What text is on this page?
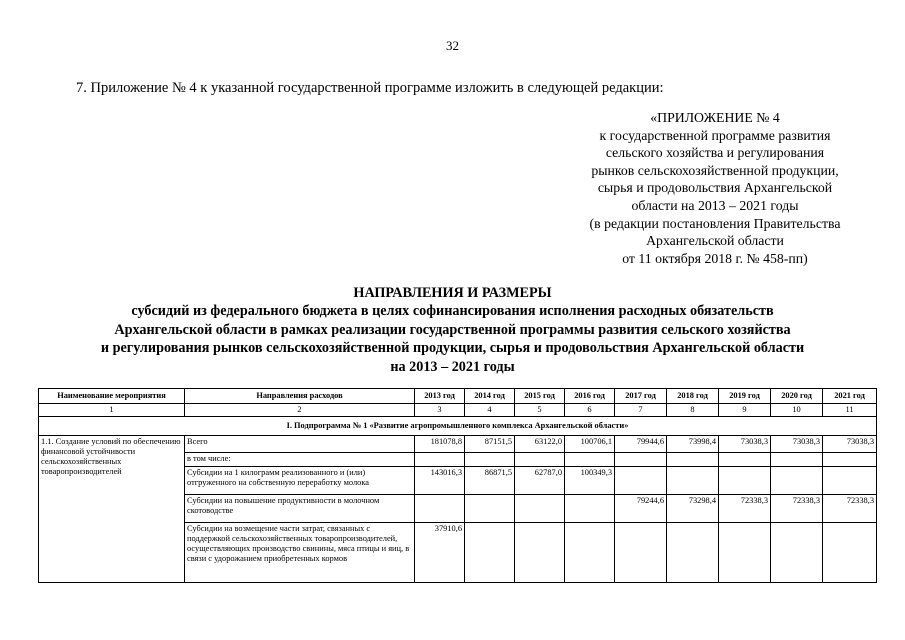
32
7. Приложение № 4 к указанной государственной программе изложить в следующей редакции:
«ПРИЛОЖЕНИЕ № 4
к государственной программе развития
сельского хозяйства и регулирования
рынков сельскохозяйственной продукции,
сырья и продовольствия Архангельской
области на 2013 – 2021 годы
(в редакции постановления Правительства
Архангельской области
от 11 октября 2018 г. № 458-пп)
НАПРАВЛЕНИЯ И РАЗМЕРЫ
субсидий из федерального бюджета в целях софинансирования исполнения расходных обязательств
Архангельской области в рамках реализации государственной программы развития сельского хозяйства
и регулирования рынков сельскохозяйственной продукции, сырья и продовольствия Архангельской области
на 2013 – 2021 годы
Наименование мероприятия	Направления расходов	2013 год	2014 год	2015 год	2016 год	2017 год	2018 год	2019 год	2020 год	2021 год
1	2	3	4	5	6	7	8	9	10	11
I. Подпрограмма № 1 «Развитие агропромышленного комплекса Архангельской области»										
1.1. Создание условий по обеспечению финансовой устойчивости сельскохозяйственных товаропроизводителей	Всего	181078,8	87151,5	63122,0	100706,1	79944,6	73998,4	73038,3	73038,3	73038,3
	в том числе:									
	Субсидии на 1 килограмм реализованного и (или) отгруженного на собственную переработку молока	143016,3	86871,5	62787,0	100349,3					
	Субсидии на повышение продуктивности в молочном скотоводстве					79244,6	73298,4	72338,3	72338,3	72338,3
	Субсидии на возмещение части затрат, связанных с поддержкой сельскохозяйственных товаропроизводителей, осуществляющих производство свинины, мяса птицы и яиц, в связи с удорожанием приобретенных кормов	37910,6								
